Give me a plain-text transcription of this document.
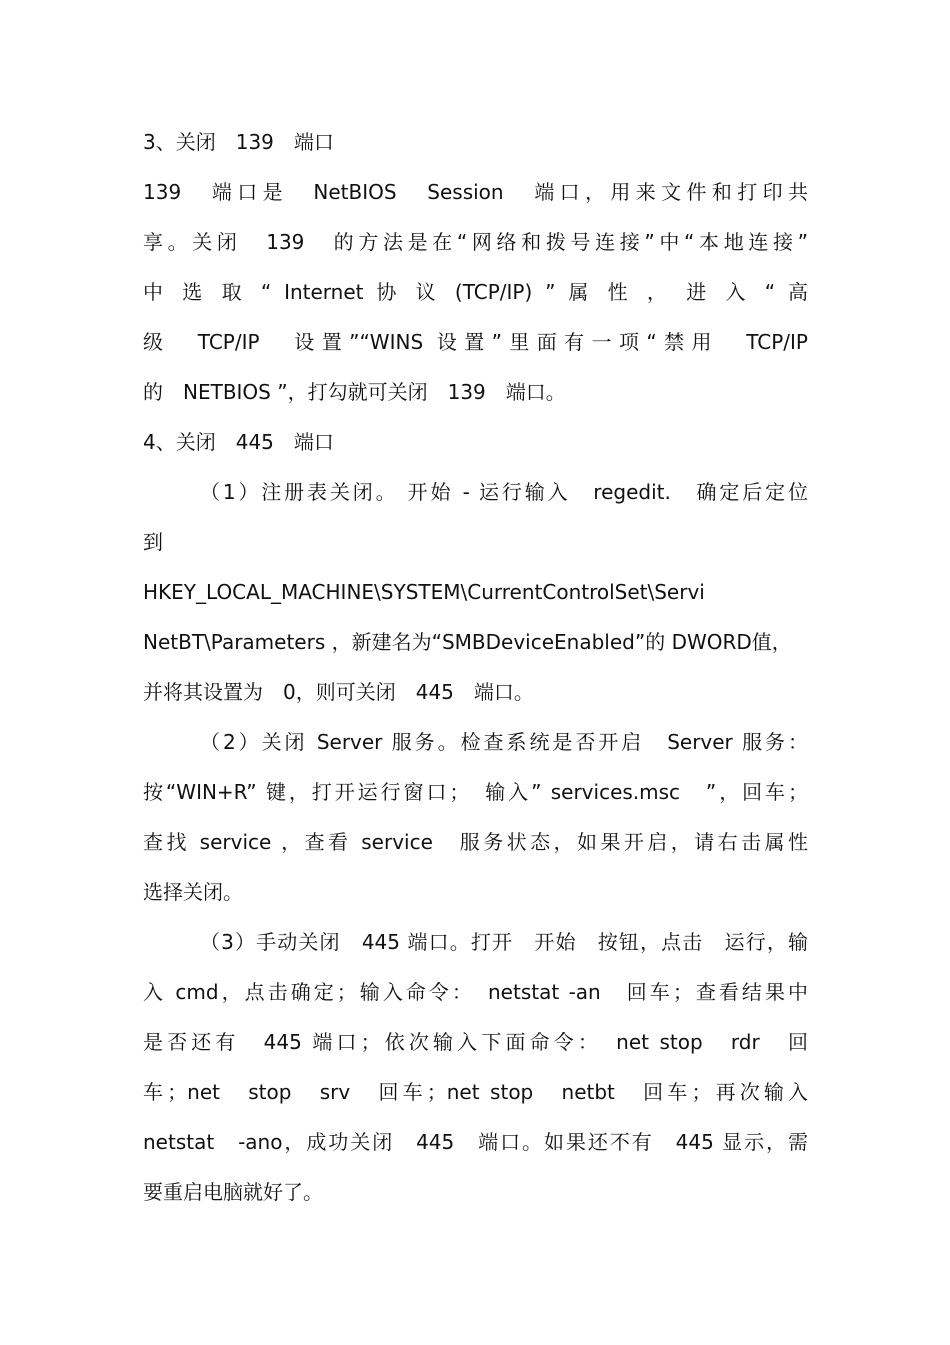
3、关闭　139　端口
139　端口是　NetBIOS　Session　端口，用来文件和打印共
享。关闭　139　的方法是在“网络和拨号连接”中“本地连接”
中 选 取 “ Internet 协 议 (TCP/IP) ” 属 性 ， 进 入 “ 高
级　TCP/IP　设置”“WINS 设置”里面有一项“禁用　TCP/IP
的　NETBIOS ”，打勾就可关闭　139　端口。
4、关闭　445　端口
（1）注册表关闭。 开始 - 运行输入　regedit.　确定后定位
到
HKEY_LOCAL_MACHINE\SYSTEM\CurrentControlSet\Servi
NetBT\Parameters ，新建名为“SMBDeviceEnabled”的 DWORD值，
并将其设置为　0，则可关闭　445　端口。
（2）关闭 Server 服务。检查系统是否开启　Server 服务：
按“WIN+R” 键，打开运行窗口；　输入” services.msc　”，回车；
查找 service ，查看 service　服务状态，如果开启，请右击属性
选择关闭。
（3）手动关闭　445 端口。打开　开始　按钮，点击　运行，输
入 cmd，点击确定；输入命令：　netstat -an　回车；查看结果中
是否还有　445 端口；依次输入下面命令：　net stop　rdr　回
车；net　stop　srv　回车；net stop　netbt　回车；再次输入
netstat　-ano，成功关闭　445　端口。如果还不有　445 显示，需
要重启电脑就好了。
